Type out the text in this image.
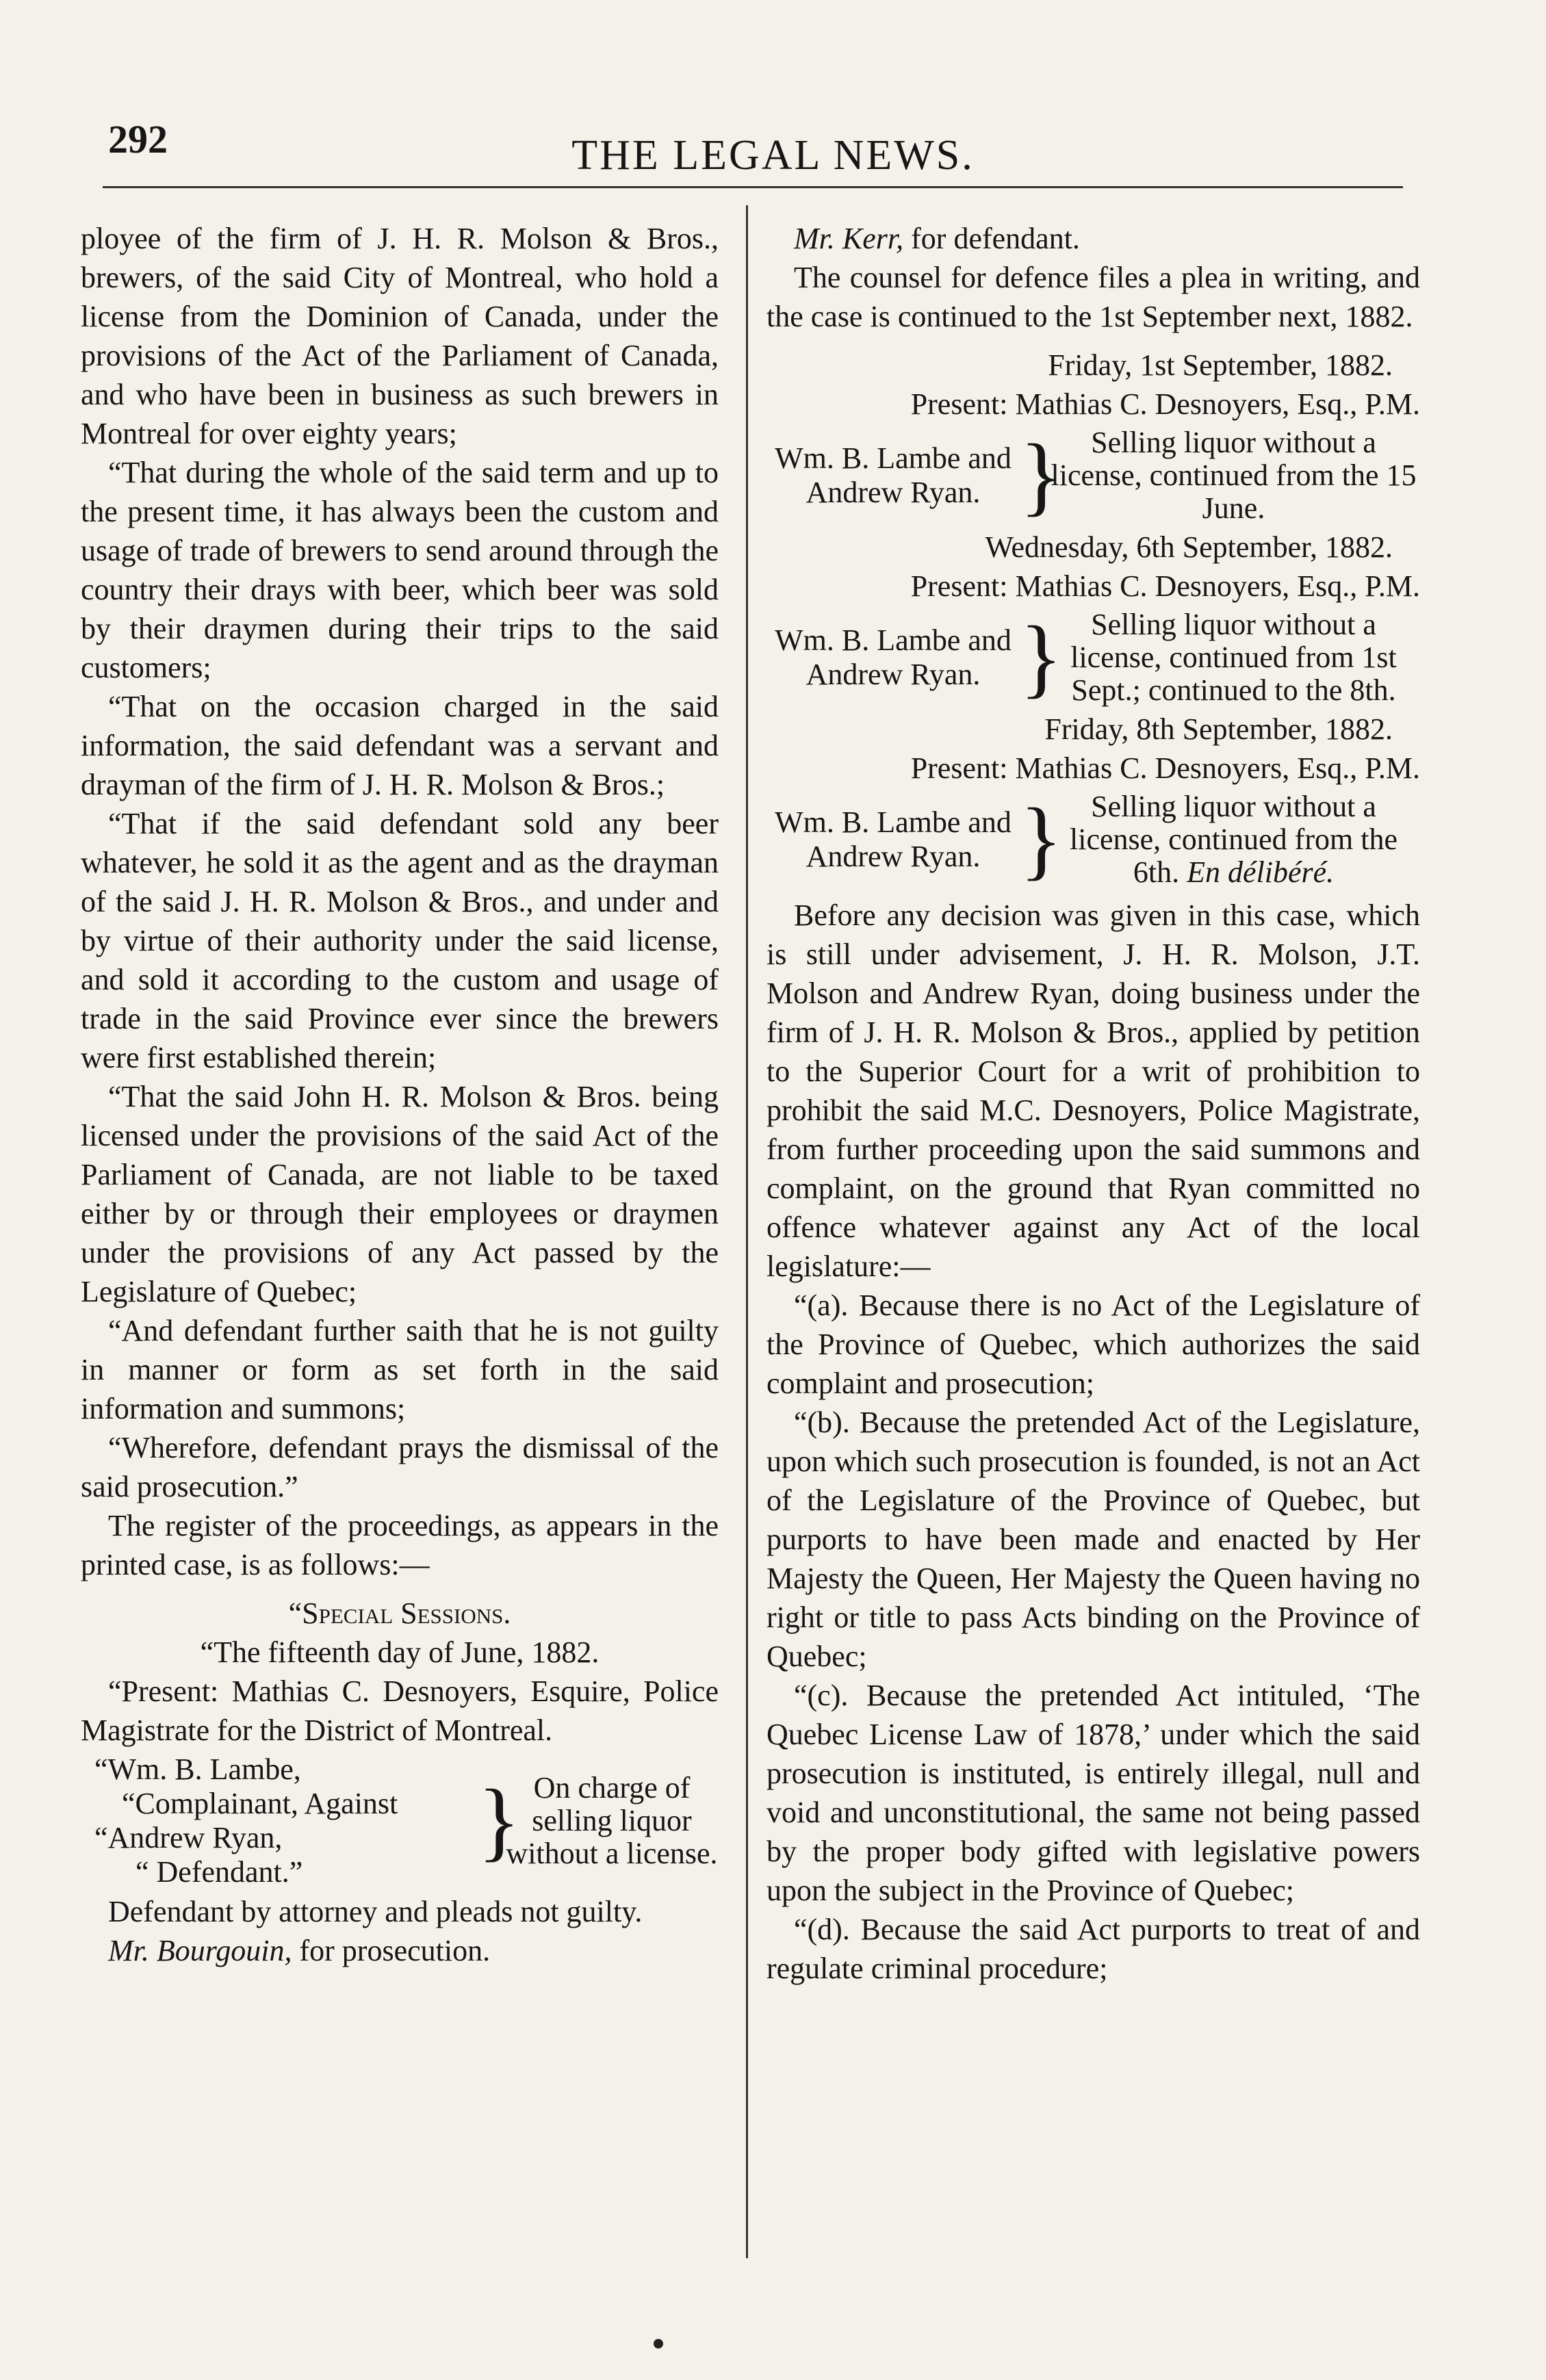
292	THE LEGAL NEWS.

ployee of the firm of J. H. R. Molson & Bros., brewers, of the said City of Montreal, who hold a license from the Dominion of Canada, under the provisions of the Act of the Parliament of Canada, and who have been in business as such brewers in Montreal for over eighty years;

“That during the whole of the said term and up to the present time, it has always been the custom and usage of trade of brewers to send around through the country their drays with beer, which beer was sold by their draymen during their trips to the said customers;

“That on the occasion charged in the said information, the said defendant was a servant and drayman of the firm of J. H. R. Molson & Bros.;

“That if the said defendant sold any beer whatever, he sold it as the agent and as the drayman of the said J. H. R. Molson & Bros., and under and by virtue of their authority under the said license, and sold it according to the custom and usage of trade in the said Province ever since the brewers were first established therein;

“That the said John H. R. Molson & Bros. being licensed under the provisions of the said Act of the Parliament of Canada, are not liable to be taxed either by or through their employees or draymen under the provisions of any Act passed by the Legislature of Quebec;

“And defendant further saith that he is not guilty in manner or form as set forth in the said information and summons;

“Wherefore, defendant prays the dismissal of the said prosecution.”

The register of the proceedings, as appears in the printed case, is as follows:—

“Special Sessions.

“The fifteenth day of June, 1882.

“Present: Mathias C. Desnoyers, Esquire, Police Magistrate for the District of Montreal.

“Wm. B. Lambe,
“Complainant, Against
“Andrew Ryan,
“ Defendant.”
} On charge of selling liquor without a license.

Defendant by attorney and pleads not guilty.

Mr. Bourgouin, for prosecution.

Mr. Kerr, for defendant.

The counsel for defence files a plea in writing, and the case is continued to the 1st September next, 1882.

Friday, 1st September, 1882.

Present: Mathias C. Desnoyers, Esq., P.M.

Wm. B. Lambe and Andrew Ryan. } Selling liquor without a license, continued from the 15 June.

Wednesday, 6th September, 1882.

Present: Mathias C. Desnoyers, Esq., P.M.

Wm. B. Lambe and Andrew Ryan. } Selling liquor without a license, continued from 1st Sept.; continued to the 8th.

Friday, 8th September, 1882.

Present: Mathias C. Desnoyers, Esq., P.M.

Wm. B. Lambe and Andrew Ryan. } Selling liquor without a license, continued from the 6th. En délibéré.

Before any decision was given in this case, which is still under advisement, J. H. R. Molson, J.T. Molson and Andrew Ryan, doing business under the firm of J. H. R. Molson & Bros., applied by petition to the Superior Court for a writ of prohibition to prohibit the said M.C. Desnoyers, Police Magistrate, from further proceeding upon the said summons and complaint, on the ground that Ryan committed no offence whatever against any Act of the local legislature:—

“(a). Because there is no Act of the Legislature of the Province of Quebec, which authorizes the said complaint and prosecution;

“(b). Because the pretended Act of the Legislature, upon which such prosecution is founded, is not an Act of the Legislature of the Province of Quebec, but purports to have been made and enacted by Her Majesty the Queen, Her Majesty the Queen having no right or title to pass Acts binding on the Province of Quebec;

“(c). Because the pretended Act intituled, ‘The Quebec License Law of 1878,’ under which the said prosecution is instituted, is entirely illegal, null and void and unconstitutional, the same not being passed by the proper body gifted with legislative powers upon the subject in the Province of Quebec;

“(d). Because the said Act purports to treat of and regulate criminal procedure;
